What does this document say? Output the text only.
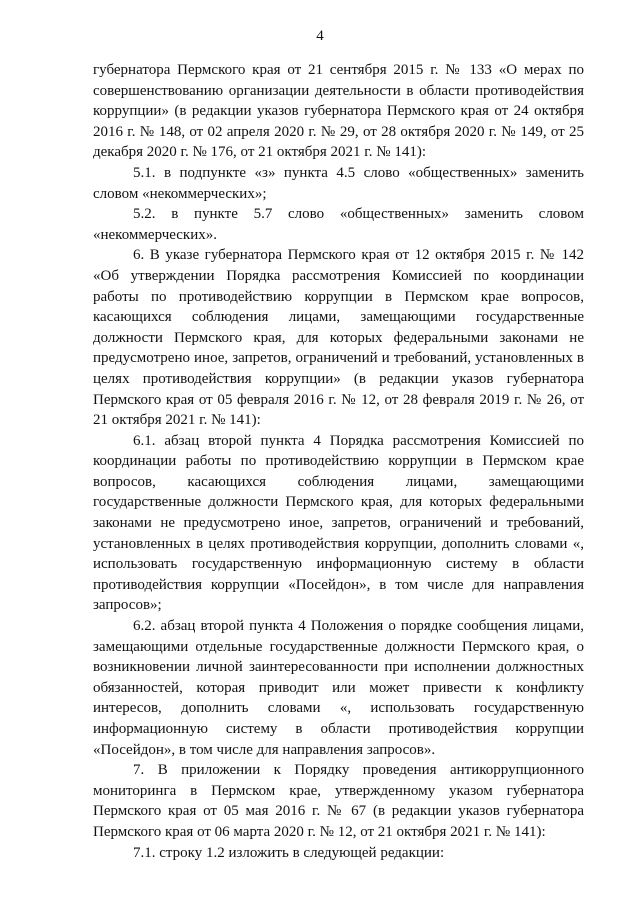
4

губернатора Пермского края от 21 сентября 2015 г. № 133 «О мерах по совершенствованию организации деятельности в области противодействия коррупции» (в редакции указов губернатора Пермского края от 24 октября 2016 г. № 148, от 02 апреля 2020 г. № 29, от 28 октября 2020 г. № 149, от 25 декабря 2020 г. № 176, от 21 октября 2021 г. № 141):

5.1. в подпункте «з» пункта 4.5 слово «общественных» заменить словом «некоммерческих»;

5.2. в пункте 5.7 слово «общественных» заменить словом «некоммерческих».

6. В указе губернатора Пермского края от 12 октября 2015 г. № 142 «Об утверждении Порядка рассмотрения Комиссией по координации работы по противодействию коррупции в Пермском крае вопросов, касающихся соблюдения лицами, замещающими государственные должности Пермского края, для которых федеральными законами не предусмотрено иное, запретов, ограничений и требований, установленных в целях противодействия коррупции» (в редакции указов губернатора Пермского края от 05 февраля 2016 г. № 12, от 28 февраля 2019 г. № 26, от 21 октября 2021 г. № 141):

6.1. абзац второй пункта 4 Порядка рассмотрения Комиссией по координации работы по противодействию коррупции в Пермском крае вопросов, касающихся соблюдения лицами, замещающими государственные должности Пермского края, для которых федеральными законами не предусмотрено иное, запретов, ограничений и требований, установленных в целях противодействия коррупции, дополнить словами «, использовать государственную информационную систему в области противодействия коррупции «Посейдон», в том числе для направления запросов»;

6.2. абзац второй пункта 4 Положения о порядке сообщения лицами, замещающими отдельные государственные должности Пермского края, о возникновении личной заинтересованности при исполнении должностных обязанностей, которая приводит или может привести к конфликту интересов, дополнить словами «, использовать государственную информационную систему в области противодействия коррупции «Посейдон», в том числе для направления запросов».

7. В приложении к Порядку проведения антикоррупционного мониторинга в Пермском крае, утвержденному указом губернатора Пермского края от 05 мая 2016 г. № 67 (в редакции указов губернатора Пермского края от 06 марта 2020 г. № 12, от 21 октября 2021 г. № 141):

7.1. строку 1.2 изложить в следующей редакции:
